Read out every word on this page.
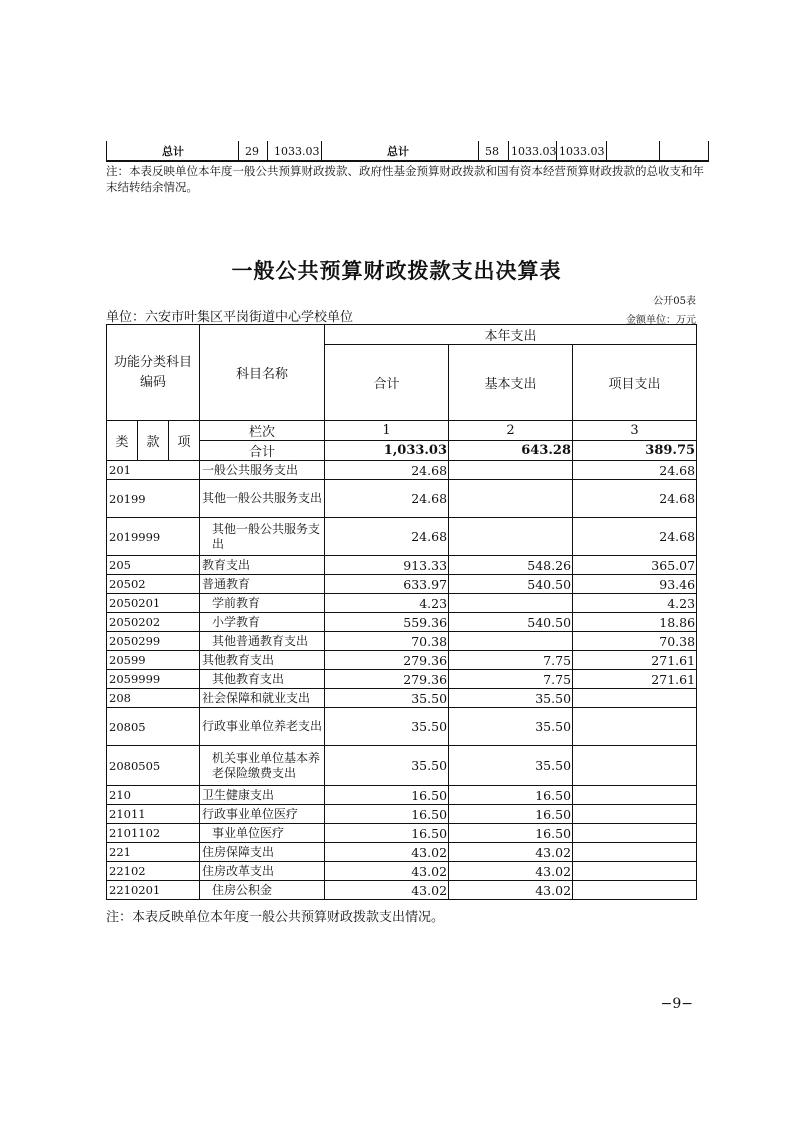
总计	29 1033.03	总计	58 1033.03 1033.03
注：本表反映单位本年度一般公共预算财政拨款、政府性基金预算财政拨款和国有资本经营预算财政拨款的总收支和年
末结转结余情况。
一般公共预算财政拨款支出决算表
公开05表
单位：六安市叶集区平岗街道中心学校单位	金额单位：万元
功能分类科目编码			科目名称	本年支出		
				合计	基本支出	项目支出
类	款	项	栏次	1	2	3
			合计	1,033.03	643.28	389.75
201			一般公共服务支出	24.68		24.68
20199			其他一般公共服务支出	24.68		24.68
2019999			其他一般公共服务支出	24.68		24.68
205			教育支出	913.33	548.26	365.07
20502			普通教育	633.97	540.50	93.46
2050201			学前教育	4.23		4.23
2050202			小学教育	559.36	540.50	18.86
2050299			其他普通教育支出	70.38		70.38
20599			其他教育支出	279.36	7.75	271.61
2059999			其他教育支出	279.36	7.75	271.61
208			社会保障和就业支出	35.50	35.50	
20805			行政事业单位养老支出	35.50	35.50	
2080505			机关事业单位基本养老保险缴费支出	35.50	35.50	
210			卫生健康支出	16.50	16.50	
21011			行政事业单位医疗	16.50	16.50	
2101102			事业单位医疗	16.50	16.50	
221			住房保障支出	43.02	43.02	
22102			住房改革支出	43.02	43.02	
2210201			住房公积金	43.02	43.02	
注：本表反映单位本年度一般公共预算财政拨款支出情况。
−9−
